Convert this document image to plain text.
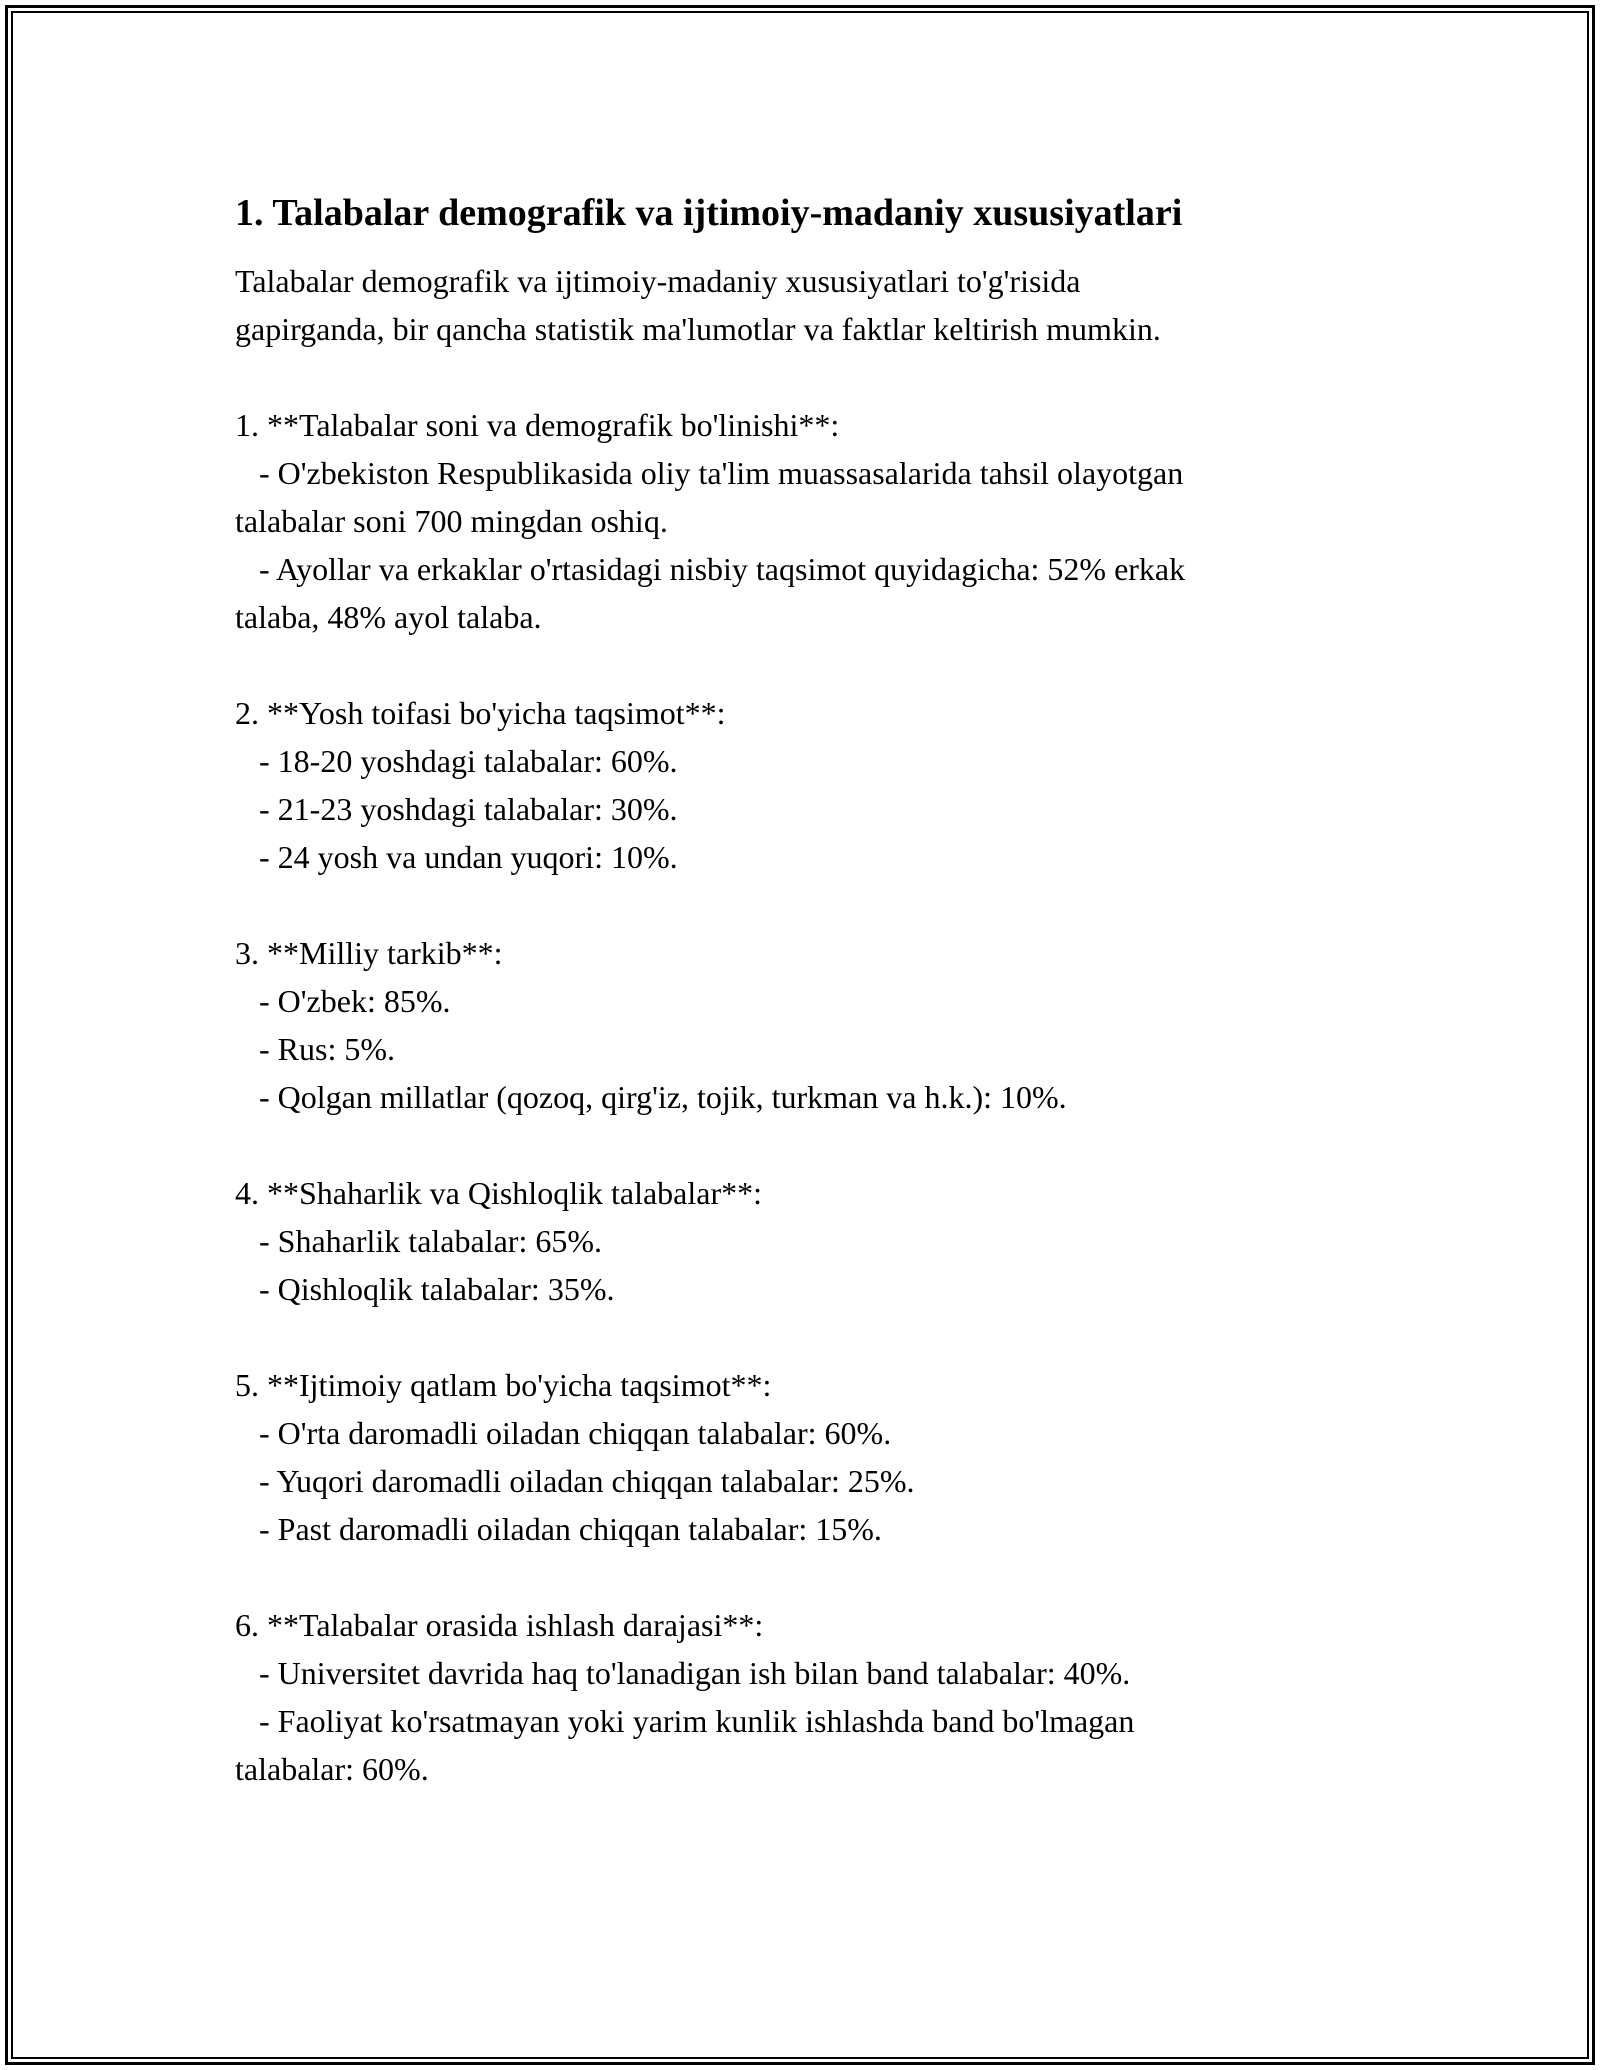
1. Talabalar demografik va ijtimoiy-madaniy xususiyatlari
Talabalar demografik va ijtimoiy-madaniy xususiyatlari to'g'risida
gapirganda, bir qancha statistik ma'lumotlar va faktlar keltirish mumkin.
1. **Talabalar soni va demografik bo'linishi**:
- O'zbekiston Respublikasida oliy ta'lim muassasalarida tahsil olayotgan
talabalar soni 700 mingdan oshiq.
- Ayollar va erkaklar o'rtasidagi nisbiy taqsimot quyidagicha: 52% erkak
talaba, 48% ayol talaba.
2. **Yosh toifasi bo'yicha taqsimot**:
- 18-20 yoshdagi talabalar: 60%.
- 21-23 yoshdagi talabalar: 30%.
- 24 yosh va undan yuqori: 10%.
3. **Milliy tarkib**:
- O'zbek: 85%.
- Rus: 5%.
- Qolgan millatlar (qozoq, qirg'iz, tojik, turkman va h.k.): 10%.
4. **Shaharlik va Qishloqlik talabalar**:
- Shaharlik talabalar: 65%.
- Qishloqlik talabalar: 35%.
5. **Ijtimoiy qatlam bo'yicha taqsimot**:
- O'rta daromadli oiladan chiqqan talabalar: 60%.
- Yuqori daromadli oiladan chiqqan talabalar: 25%.
- Past daromadli oiladan chiqqan talabalar: 15%.
6. **Talabalar orasida ishlash darajasi**:
- Universitet davrida haq to'lanadigan ish bilan band talabalar: 40%.
- Faoliyat ko'rsatmayan yoki yarim kunlik ishlashda band bo'lmagan
talabalar: 60%.
